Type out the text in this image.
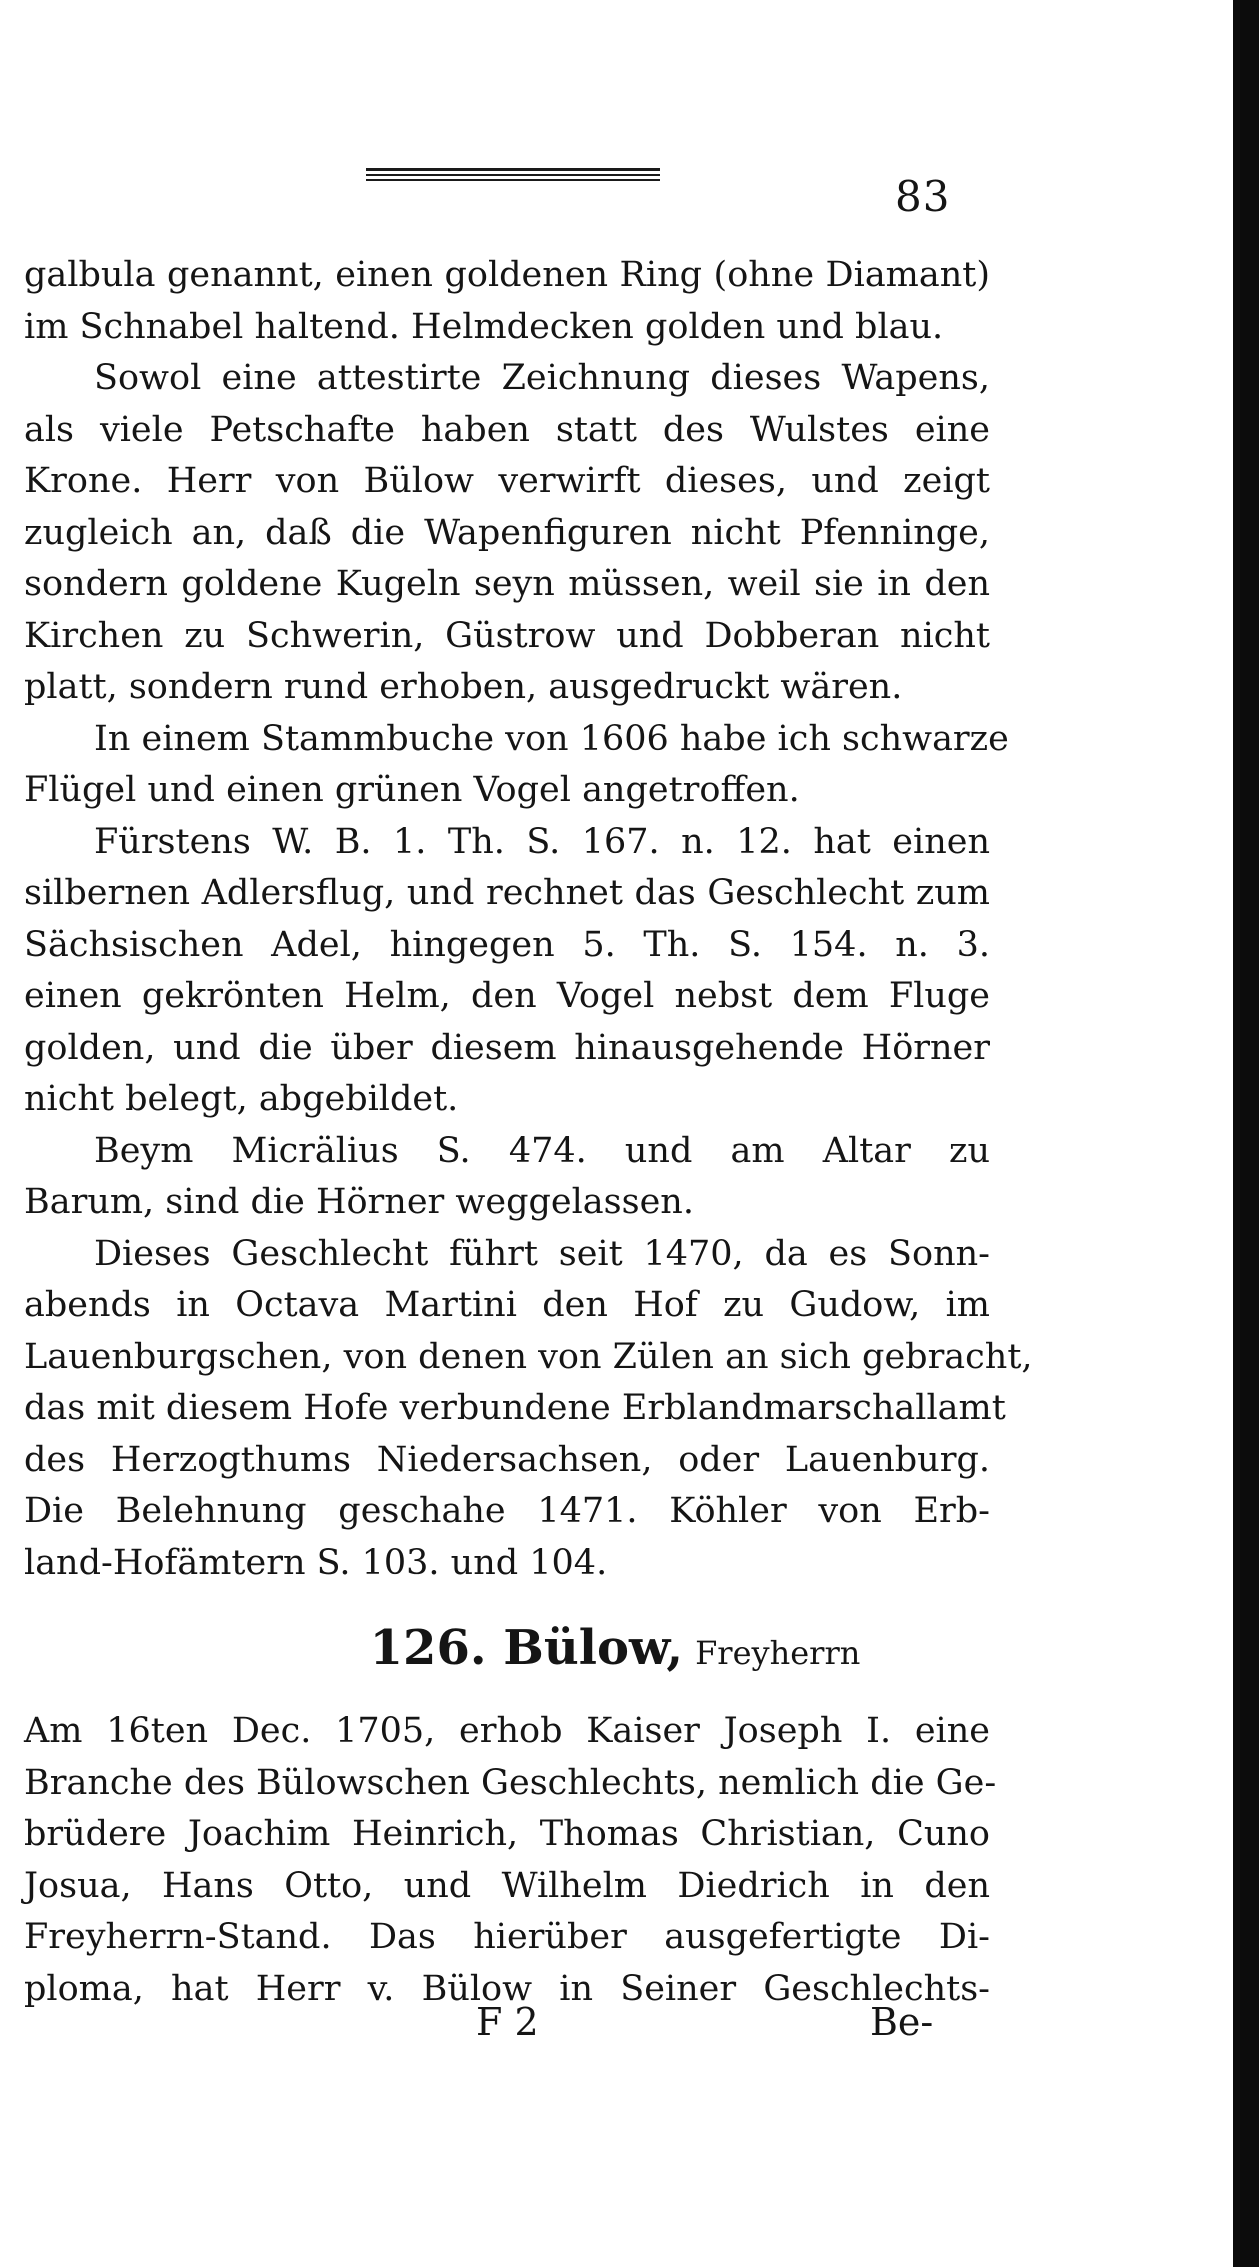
83
galbula genannt, einen goldenen Ring (ohne Diamant)
im Schnabel haltend. Helmdecken golden und blau.
Sowol eine attestirte Zeichnung dieses Wapens,
als viele Petschafte haben statt des Wulstes eine
Krone. Herr von Bülow verwirft dieses, und zeigt
zugleich an, daß die Wapenfiguren nicht Pfenninge,
sondern goldene Kugeln seyn müssen, weil sie in den
Kirchen zu Schwerin, Güstrow und Dobberan nicht
platt, sondern rund erhoben, ausgedruckt wären.
In einem Stammbuche von 1606 habe ich schwarze
Flügel und einen grünen Vogel angetroffen.
Fürstens W. B. 1. Th. S. 167. n. 12. hat einen
silbernen Adlersflug, und rechnet das Geschlecht zum
Sächsischen Adel, hingegen 5. Th. S. 154. n. 3.
einen gekrönten Helm, den Vogel nebst dem Fluge
golden, und die über diesem hinausgehende Hörner
nicht belegt, abgebildet.
Beym Micrälius S. 474. und am Altar zu
Barum, sind die Hörner weggelassen.
Dieses Geschlecht führt seit 1470, da es Sonn-
abends in Octava Martini den Hof zu Gudow, im
Lauenburgschen, von denen von Zülen an sich gebracht,
das mit diesem Hofe verbundene Erblandmarschallamt
des Herzogthums Niedersachsen, oder Lauenburg.
Die Belehnung geschahe 1471. Köhler von Erb-
land-Hofämtern S. 103. und 104.
126. Bülow, Freyherrn
Am 16ten Dec. 1705, erhob Kaiser Joseph I. eine
Branche des Bülowschen Geschlechts, nemlich die Ge-
brüdere Joachim Heinrich, Thomas Christian, Cuno
Josua, Hans Otto, und Wilhelm Diedrich in den
Freyherrn-Stand. Das hierüber ausgefertigte Di-
ploma, hat Herr v. Bülow in Seiner Geschlechts-
F 2	Be-
